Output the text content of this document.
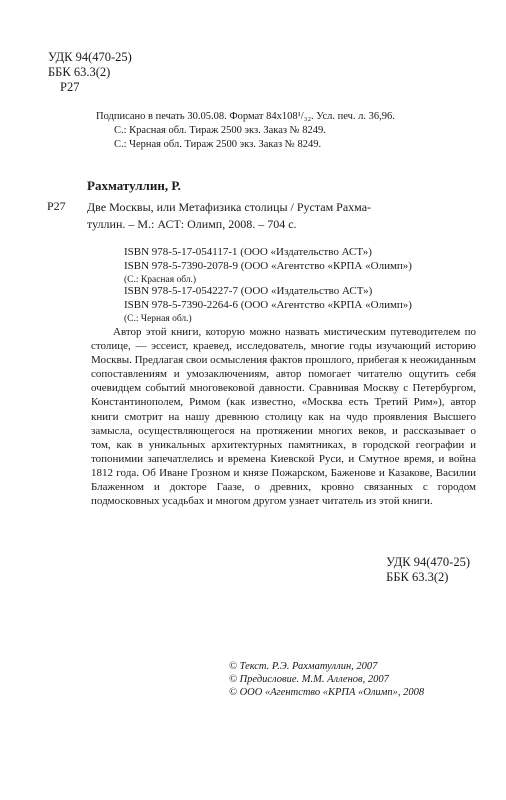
УДК 94(470-25)
ББК 63.3(2)
Р27
Подписано в печать 30.05.08. Формат 84х108¹/₃₂. Усл. печ. л. 36,96.
С.: Красная обл. Тираж 2500 экз. Заказ № 8249.
С.: Черная обл. Тираж 2500 экз. Заказ № 8249.
Рахматуллин, Р.
Р27 Две Москвы, или Метафизика столицы / Рустам Рахма-
туллин. – М.: АСТ: Олимп, 2008. – 704 с.
ISBN 978-5-17-054117-1 (ООО «Издательство АСТ»)
ISBN 978-5-7390-2078-9 (ООО «Агентство «КРПА «Олимп»)
(С.: Красная обл.)
ISBN 978-5-17-054227-7 (ООО «Издательство АСТ»)
ISBN 978-5-7390-2264-6 (ООО «Агентство «КРПА «Олимп»)
(С.: Черная обл.)

Автор этой книги, которую можно назвать мистическим путеводителем по столице, — эссеист, краевед, исследователь, многие годы изучающий историю Москвы. Предлагая свои осмысления фактов прошлого, прибегая к неожиданным сопоставлениям и умозаключениям, автор помогает читателю ощутить себя очевидцем событий многовековой давности. Сравнивая Москву с Петербургом, Константинополем, Римом (как известно, «Москва есть Третий Рим»), автор книги смотрит на нашу древнюю столицу как на чудо проявления Высшего замысла, осуществляющегося на протяжении многих веков, и рассказывает о том, как в уникальных архитектурных памятниках, в городской географии и топонимии запечатлелись и времена Киевской Руси, и Смутное время, и война 1812 года. Об Иване Грозном и князе Пожарском, Баженове и Казакове, Василии Блаженном и докторе Гаазе, о древних, кровно связанных с городом подмосковных усадьбах и многом другом узнает читатель из этой книги.

УДК 94(470-25)
ББК 63.3(2)
© Текст. Р.Э. Рахматуллин, 2007
© Предисловие. М.М. Алленов, 2007
© ООО «Агентство «КРПА «Олимп», 2008
